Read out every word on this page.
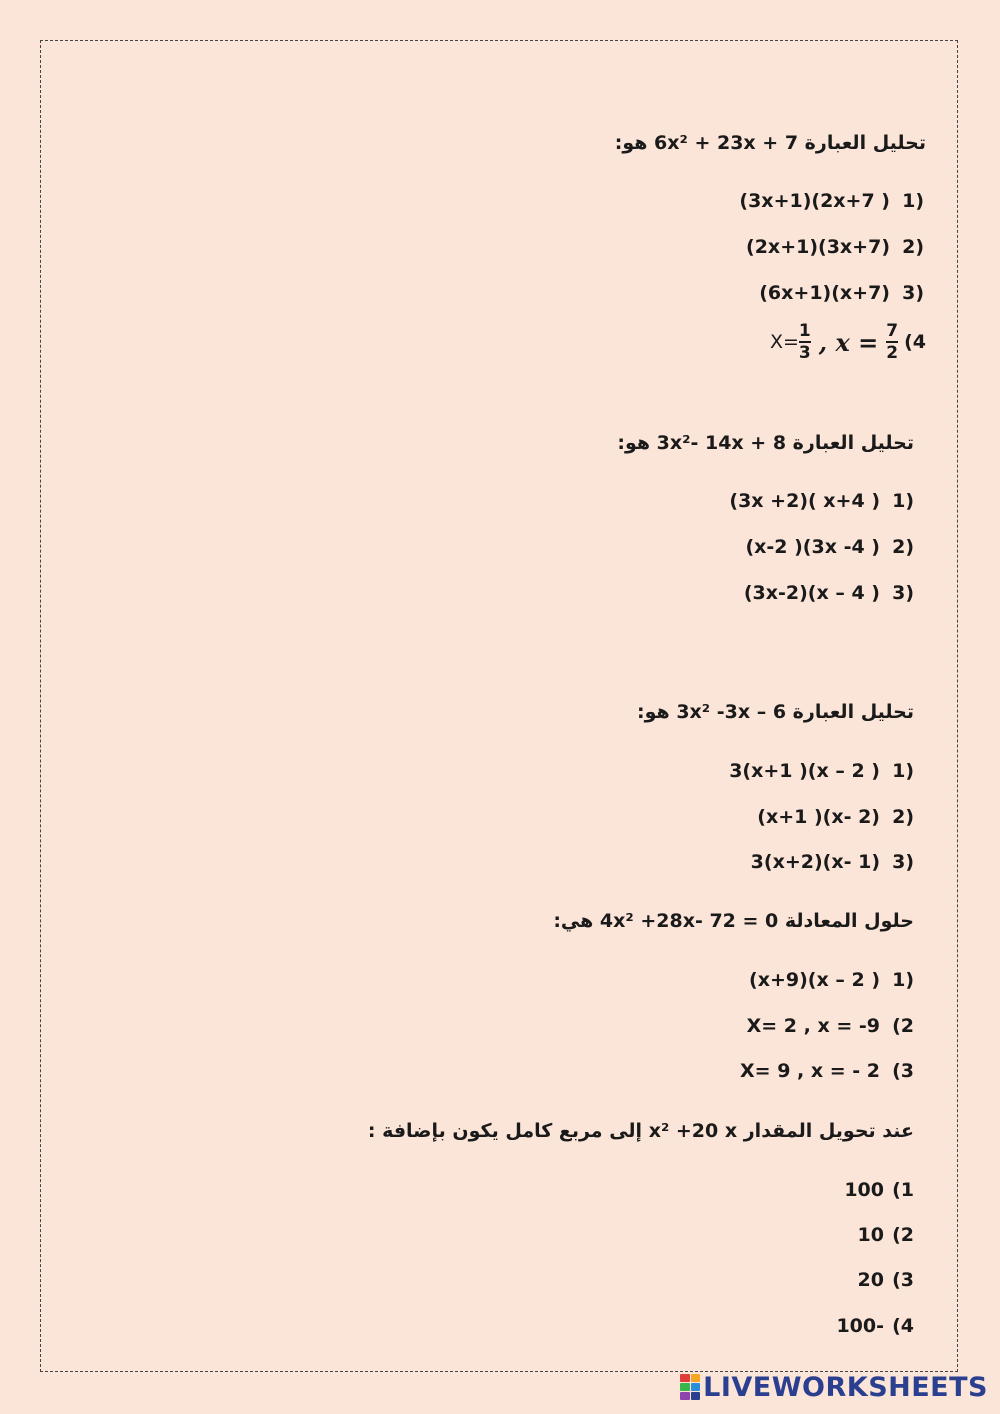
تحليل العبارة 6x² + 23x + 7 هو:
1)
(3x+1)(2x+7 )
2)
(2x+1)(3x+7)
3)
(6x+1)(x+7)
$X= \frac{1}{3}$ , 𝒙 = $\frac{7}{2} (4$
تحليل العبارة 3x²- 14x + 8 هو:
1)
(3x +2)( x+4 )
2)
(x-2 )(3x -4 )
3)
(3x-2)(x – 4 )
تحليل العبارة 3x² -3x – 6 هو:
1)
3(x+1 )(x – 2 )
2)
(x+1 )(x- 2)
3)
3(x+2)(x- 1)
حلول المعادلة 4x² +28x- 72 = 0 هي:
1)
(x+9)(x – 2 )
(2
X= 2 , x = -9
(3
X= 9 , x = - 2
عند تحويل المقدار x² +20 x إلى مربع كامل يكون بإضافة :
(1
100
(2
10
(3
20
(4
-100
LIVEWORKSHEETS
